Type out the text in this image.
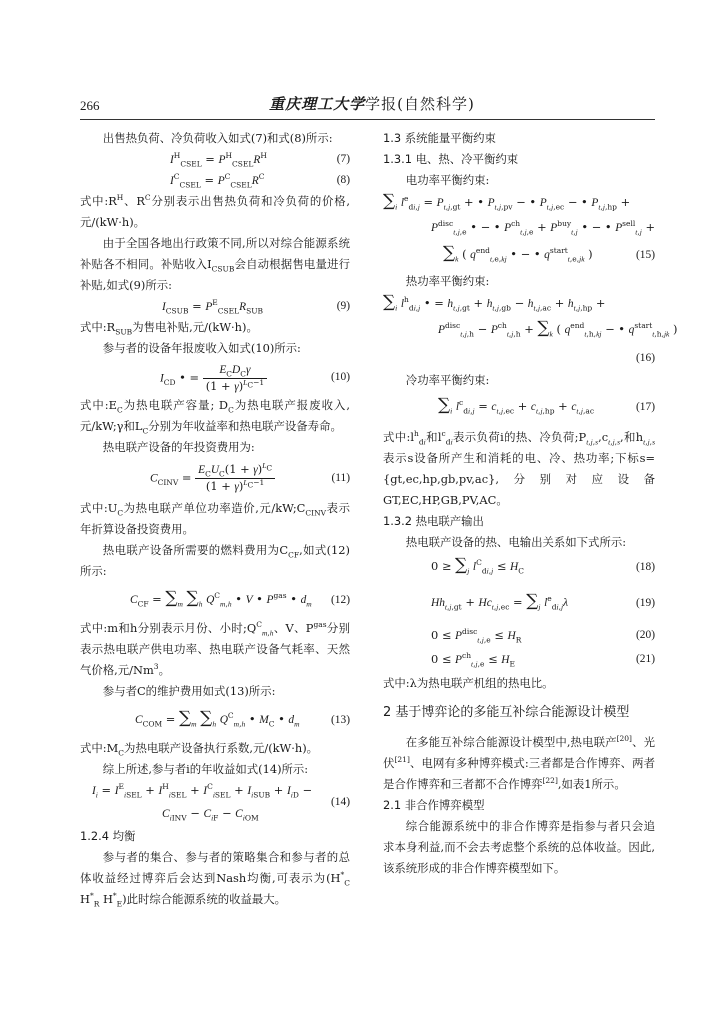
266	重庆理工大学学报(自然科学)

出售热负荷、冷负荷收入如式(7)和式(8)所示:

$I^H_{CSEL} = P^H_{CSEL}R^H$	(7)
$I^C_{CSEL} = P^C_{CSEL}R^C$	(8)

式中$:R^H$、$R^C$分别表示出售热负荷和冷负荷的价格,元/(kW·h)。

由于全国各地出行政策不同,所以对综合能源系统补贴各不相同。补贴收入$I_{CSUB}$会自动根据售电量进行补贴,如式(9)所示:

$I_{CSUB} = P^E_{CSEL}R_{SUB}$	(9)

式中$:R_{SUB}$为售电补贴,元/(kW·h)。

参与者的设备年报废收入如式(10)所示:

$I_{CD}$ • = $\frac{E_CD_C\gamma}{(1 + \gamma)^{L_C-1}}$	(10)

式中$:E_C$为热电联产容量; $D_C$为热电联产报废收入,元/kW;γ和$L_C$分别为年收益率和热电联产设备寿命。

热电联产设备的年投资费用为:

$C_{CINV} = \frac{E_CU_C(1 + \gamma)^{L_C}}{(1 + \gamma)^{L_C-1}}$	(11)

式中$:U_C$为热电联产单位功率造价,元$/kW;C_{CINV}$表示年折算设备投资费用。

热电联产设备所需要的燃料费用为$C_{CF}$,如式(12)所示:

$C_{CF} = \sum_m$ $\sum_h$ $Q^C_{m,h}$ • V • $P^{gas}$ • $d_m$ (12)

式中:m和h分别表示月份、小时$;Q^C_{m,h}$、V、$P^{gas}$分别表示热电联产供电功率、热电联产设备气耗率、天然气价格,元/Nm$^3$。

参与者C的维护费用如式(13)所示:

$C_{COM} = \sum_m$ $\sum_h$ $Q^C_{m,h}$ • $M_C$ • $d_m$	(13)

式中$:M_C$为热电联产设备执行系数,元/(kW·h)。

综上所述,参与者i的年收益如式(14)所示:

$I_i = I^E_{iSEL} + I^H_{iSEL} + I^C_{iSEL} + I_{iSUB} + I_{iD}$ −
$C_{iINV} - C_{iF} - C_{iOM}$
(14)

1.2.4 均衡

参与者的集合、参与者的策略集合和参与者的总体收益经过博弈后会达到Nash均衡,可表示为($H^*_C$ $H^*_R$ $H^*_E$)此时综合能源系统的收益最大。

1.3 系统能量平衡约束

1.3.1 电、热、冷平衡约束

电功率平衡约束:

$\sum_i$ $l^e_{di,j} = P_{t,j,gt}$ + • $P_{t,j,pv}$ − • $P_{t,j,ec}$ − • $P_{t,j,hp}$ +
$P^{disc}_{t,j,e}$ • − • $P^{ch}_{t,j,e} + P^{buy}_{t,j}$ • − • $P^{sell}_{t,j}$ +
$\sum_k$ ( $q^{end}_{t,e,kj}$ • − • $q^{start}_{t,e,jk}$ )	(15)

热功率平衡约束:

$\sum_i$ $l^h_{di,j}$ • = $h_{t,j,gt} + h_{t,j,gb} - h_{t,j,ac} + h_{t,j,hp}$ +
$P^{disc}_{t,j,h} - P^{ch}_{t,j,h} + \sum_k$ ( $q^{end}_{t,h,kj}$ − • $q^{start}_{t,h,jk}$ )
(16)

冷功率平衡约束:

$\sum_i$ $l^c_{di,j} = c_{t,j,ec} + c_{t,j,hp} + c_{t,j,ac}$	(17)

式中$:l^h_{di}$和$l^c_{di}$表示负荷i的热、冷负荷$;P_{t,j,s},c_{t,j,s}$,和$h_{t,j,s}$表示s设备所产生和消耗的电、冷、热功率;下标s={gt,ec,hp,gb,pv,ac},分别对应设备GT,EC,HP,GB,PV,AC。

1.3.2 热电联产输出

热电联产设备的热、电输出关系如下式所示:

$0 \ge \sum_j$ $l^C_{di,j} \le H_C$	(18)
$Hh_{t,j,gt} + Hc_{t,j,ec} = \sum_j$ $l^e_{di,j}\lambda$	(19)
$0 \le P^{disc}_{t,j,e} \le H_R$	(20)
$0 \le P^{ch}_{t,j,e} \le H_E$	(21)

式中:λ为热电联产机组的热电比。

2 基于博弈论的多能互补综合能源设计模型

在多能互补综合能源设计模型中,热电联产[20]、光伏[21]、电网有多种博弈模式:三者都是合作博弈、两者是合作博弈和三者都不合作博弈[22],如表1所示。

2.1 非合作博弈模型

综合能源系统中的非合作博弈是指参与者只会追求本身利益,而不会去考虑整个系统的总体收益。因此,该系统形成的非合作博弈模型如下。
